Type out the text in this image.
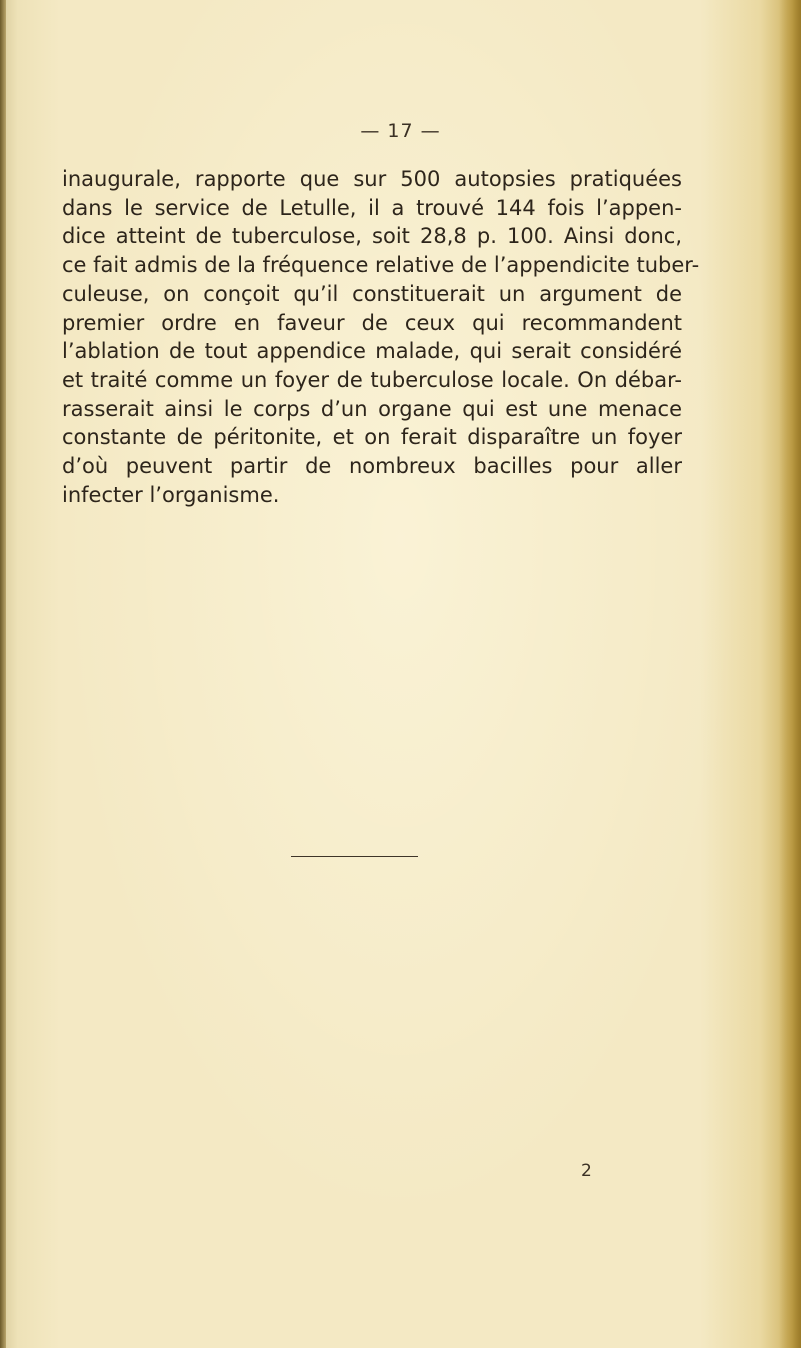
— 17 —
inaugurale, rapporte que sur 500 autopsies pratiquées
dans le service de Letulle, il a trouvé 144 fois l’appen-
dice atteint de tuberculose, soit 28,8 p. 100. Ainsi donc,
ce fait admis de la fréquence relative de l’appendicite tuber-
culeuse, on conçoit qu’il constituerait un argument de
premier ordre en faveur de ceux qui recommandent
l’ablation de tout appendice malade, qui serait considéré
et traité comme un foyer de tuberculose locale. On débar-
rasserait ainsi le corps d’un organe qui est une menace
constante de péritonite, et on ferait disparaître un foyer
d’où peuvent partir de nombreux bacilles pour aller
infecter l’organisme.
2
